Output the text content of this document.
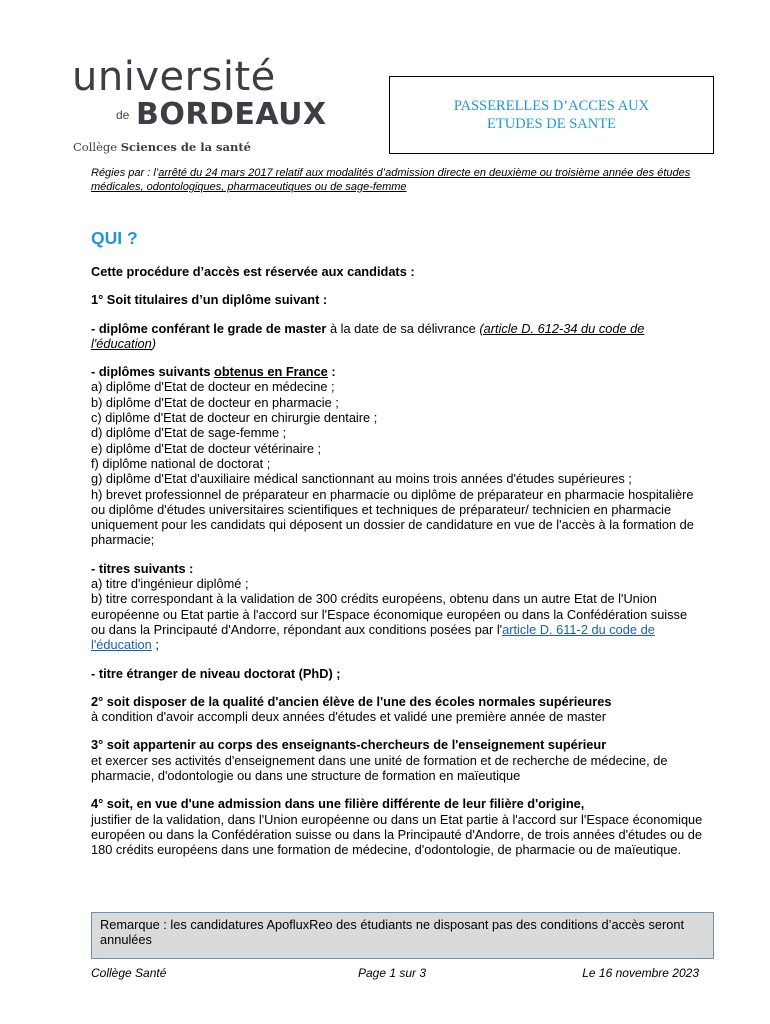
université
de BORDEAUX
Collège Sciences de la santé
PASSERELLES D’ACCES AUX
ETUDES DE SANTE
Régies par : l’arrêté du 24 mars 2017 relatif aux modalités d’admission directe en deuxième ou troisième année des études médicales, odontologiques, pharmaceutiques ou de sage-femme
QUI ?
Cette procédure d’accès est réservée aux candidats :
1° Soit titulaires d’un diplôme suivant :
- diplôme conférant le grade de master à la date de sa délivrance (article D. 612-34 du code de l'éducation)
- diplômes suivants obtenus en France :
a) diplôme d'Etat de docteur en médecine ;
b) diplôme d'Etat de docteur en pharmacie ;
c) diplôme d'Etat de docteur en chirurgie dentaire ;
d) diplôme d'Etat de sage-femme ;
e) diplôme d'Etat de docteur vétérinaire ;
f) diplôme national de doctorat ;
g) diplôme d'Etat d'auxiliaire médical sanctionnant au moins trois années d'études supérieures ;
h) brevet professionnel de préparateur en pharmacie ou diplôme de préparateur en pharmacie hospitalière ou diplôme d'études universitaires scientifiques et techniques de préparateur/ technicien en pharmacie uniquement pour les candidats qui déposent un dossier de candidature en vue de l'accès à la formation de pharmacie;
- titres suivants :
a) titre d'ingénieur diplômé ;
b) titre correspondant à la validation de 300 crédits européens, obtenu dans un autre Etat de l'Union européenne ou Etat partie à l'accord sur l'Espace économique européen ou dans la Confédération suisse ou dans la Principauté d'Andorre, répondant aux conditions posées par l'article D. 611-2 du code de l'éducation ;
- titre étranger de niveau doctorat (PhD) ;
2° soit disposer de la qualité d'ancien élève de l'une des écoles normales supérieures
à condition d'avoir accompli deux années d'études et validé une première année de master
3° soit appartenir au corps des enseignants-chercheurs de l'enseignement supérieur
et exercer ses activités d'enseignement dans une unité de formation et de recherche de médecine, de pharmacie, d'odontologie ou dans une structure de formation en maïeutique
4° soit, en vue d'une admission dans une filière différente de leur filière d'origine,
justifier de la validation, dans l'Union européenne ou dans un Etat partie à l'accord sur l'Espace économique européen ou dans la Confédération suisse ou dans la Principauté d'Andorre, de trois années d'études ou de 180 crédits européens dans une formation de médecine, d'odontologie, de pharmacie ou de maïeutique.
Remarque : les candidatures ApofluxReo des étudiants ne disposant pas des conditions d’accès seront annulées
Collège Santé	Page 1 sur 3	Le 16 novembre 2023
